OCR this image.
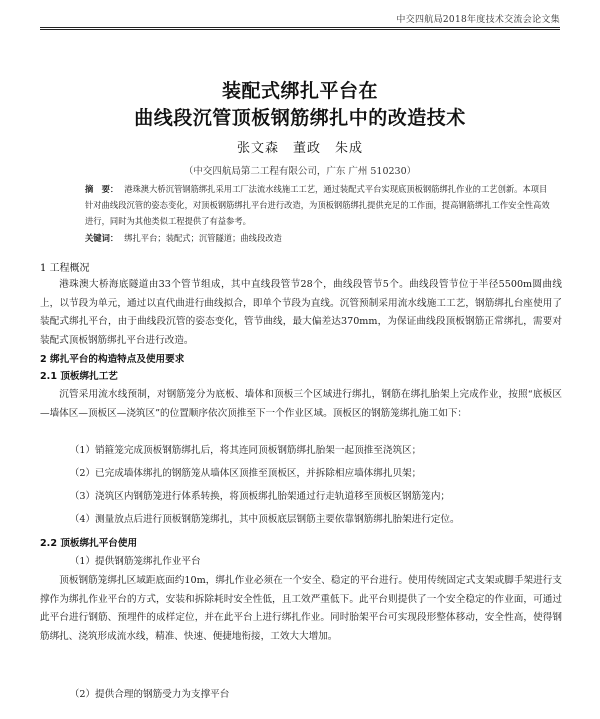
中交四航局2018年度技术交流会论文集
装配式绑扎平台在
曲线段沉管顶板钢筋绑扎中的改造技术
张文森　董政　朱成
（中交四航局第二工程有限公司，广东 广州 510230）
摘　要： 港珠澳大桥沉管钢筋绑扎采用工厂法流水线施工工艺，通过装配式平台实现底顶板钢筋绑扎作业的工艺创新。本项目针对曲线段沉管的姿态变化，对顶板钢筋绑扎平台进行改造，为顶板钢筋绑扎提供充足的工作面，提高钢筋绑扎工作安全性高效进行，同时为其他类似工程提供了有益参考。
关键词： 绑扎平台；装配式；沉管隧道；曲线段改造
1 工程概况
港珠澳大桥海底隧道由33个管节组成，其中直线段管节28个，曲线段管节5个。曲线段管节位于半径5500m圆曲线上，以节段为单元，通过以直代曲进行曲线拟合，即单个节段为直线。沉管预制采用流水线施工工艺，钢筋绑扎台座使用了装配式绑扎平台，由于曲线段沉管的姿态变化，管节曲线，最大偏差达370mm，为保证曲线段顶板钢筋正常绑扎，需要对装配式顶板钢筋绑扎平台进行改造。
2 绑扎平台的构造特点及使用要求
2.1 顶板绑扎工艺
沉管采用流水线预制，对钢筋笼分为底板、墙体和顶板三个区域进行绑扎，钢筋在绑扎胎架上完成作业，按照“底板区—墙体区—顶板区—浇筑区”的位置顺序依次顶推至下一个作业区域。顶板区的钢筋笼绑扎施工如下：
（1）销箍笼完成顶板钢筋绑扎后，将其连同顶板钢筋绑扎胎架一起顶推至浇筑区；
（2）已完成墙体绑扎的钢筋笼从墙体区顶推至顶板区，并拆除相应墙体绑扎贝架；
（3）浇筑区内钢筋笼进行体系转换，将顶板绑扎胎架通过行走轨道移至顶板区钢筋笼内；
（4）测量放点后进行顶板钢筋笼绑扎，其中顶板底层钢筋主要依靠钢筋绑扎胎架进行定位。
2.2 顶板绑扎平台使用
（1）提供钢筋笼绑扎作业平台
顶板钢筋笼绑扎区域距底面约10m，绑扎作业必须在一个安全、稳定的平台进行。使用传统固定式支架或脚手架进行支撑作为绑扎作业平台的方式，安装和拆除耗时安全性低，且工效严重低下。此平台则提供了一个安全稳定的作业面，可通过此平台进行钢筋、预埋件的成样定位，并在此平台上进行绑扎作业。同时胎架平台可实现段形整体移动，安全性高，使得钢筋绑扎、浇筑形成流水线，精准、快速、便捷地衔接，工效大大增加。
（2）提供合理的钢筋受力为支撑平台
